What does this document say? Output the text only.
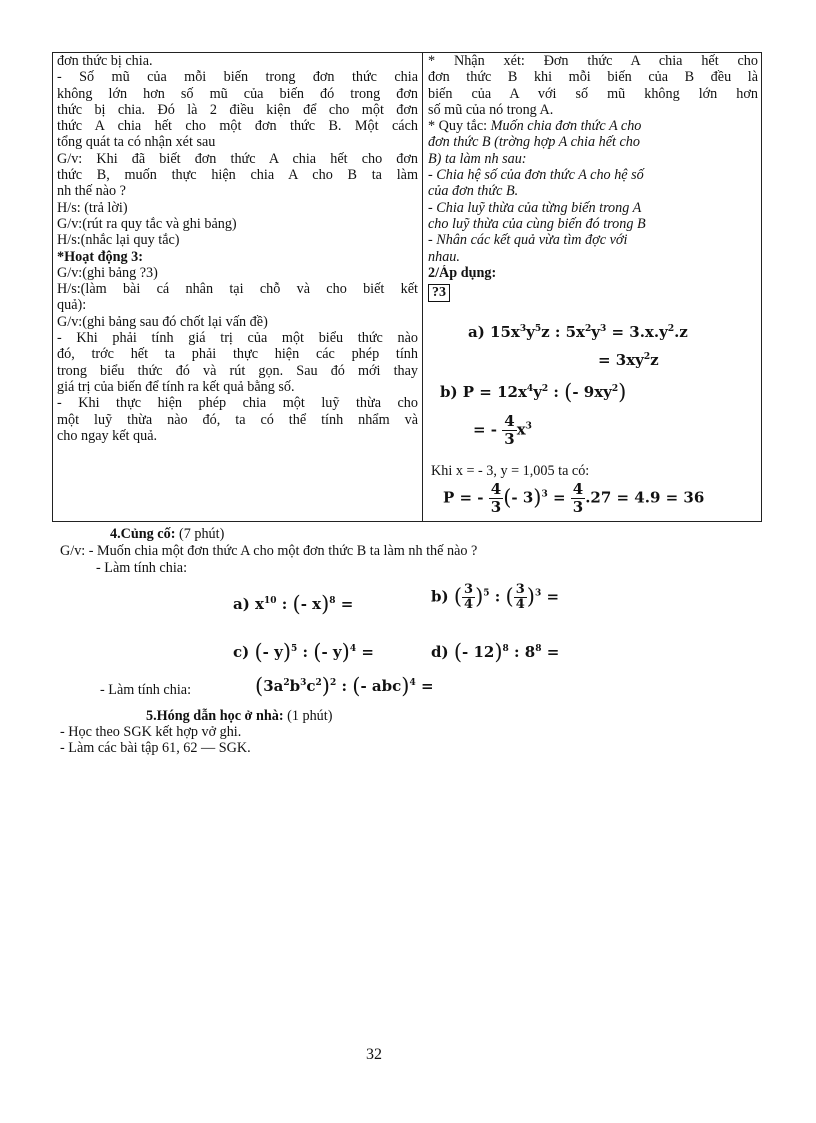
đơn thức bị chia.
- Số mũ của mỗi biến trong đơn thức chia
không lớn hơn số mũ của biến đó trong đơn
thức bị chia. Đó là 2 điều kiện để cho một đơn
thức A chia hết cho một đơn thức B. Một cách
tổng quát ta có nhận xét sau
G/v: Khi đã biết đơn thức A chia hết cho đơn
thức B, muốn thực hiện chia A cho B ta làm
nh thế nào ?
H/s: (trả lời)
G/v:(rút ra quy tắc và ghi bảng)
H/s:(nhắc lại quy tắc)
*Hoạt động 3:
G/v:(ghi bảng ?3)
H/s:(làm bài cá nhân tại chỗ và cho biết kết
quả):
G/v:(ghi bảng sau đó chốt lại vấn đề)
- Khi phải tính giá trị của một biểu thức nào
đó, trớc hết ta phải thực hiện các phép tính
trong biểu thức đó và rút gọn. Sau đó mới thay
giá trị của biến để tính ra kết quả bằng số.
- Khi thực hiện phép chia một luỹ thừa cho
một luỹ thừa nào đó, ta có thể tính nhẩm và
cho ngay kết quả.
* Nhận xét: Đơn thức A chia hết cho
đơn thức B khi mỗi biến của B đều là
biến của A với số mũ không lớn hơn
số mũ của nó trong A.
* Quy tắc: Muốn chia đơn thức A cho
đơn thức B (trờng hợp A chia hết cho
B) ta làm nh sau:
- Chia hệ số của đơn thức A cho hệ số
của đơn thức B.
- Chia luỹ thừa của từng biến trong A
cho luỹ thừa của cùng biến đó trong B
- Nhân các kết quả vừa tìm đợc với
nhau.
2/Áp dụng:
?3
a) $15x^3y^5z$ : $5x^2y^3 = 3.x.y^2.z$
= $3xy^2z$
b) $P = 12x^4y^2$ : (- $9xy^2$)
= - $\frac{4}{3} x^3$
Khi x = - 3, y = 1,005 ta có:
P = - $\frac{4}{3}$ (- $3)^3 = \frac{4}{3} .27 = 4.9 = 36$
4.Củng cố: (7 phút)
G/v: - Muốn chia một đơn thức A cho một đơn thức B ta làm nh thế nào ?
- Làm tính chia:
a) $x^{10}$ : (- x)$^8$ =	b) ( $\frac{3}{4} )^5$ : ( $\frac{3}{4} )^3$ =
c) (- y)$^5$ : (- y)$^4$ =	d) (- 12)$^8$ : $8^8$ =
- Làm tính chia:	$(3a^2b^3c^2)^2$ : (- abc)$^4$ =
5.Hóng dẫn học ở nhà: (1 phút)
- Học theo SGK kết hợp vở ghi.
- Làm các bài tập 61, 62 — SGK.
32
